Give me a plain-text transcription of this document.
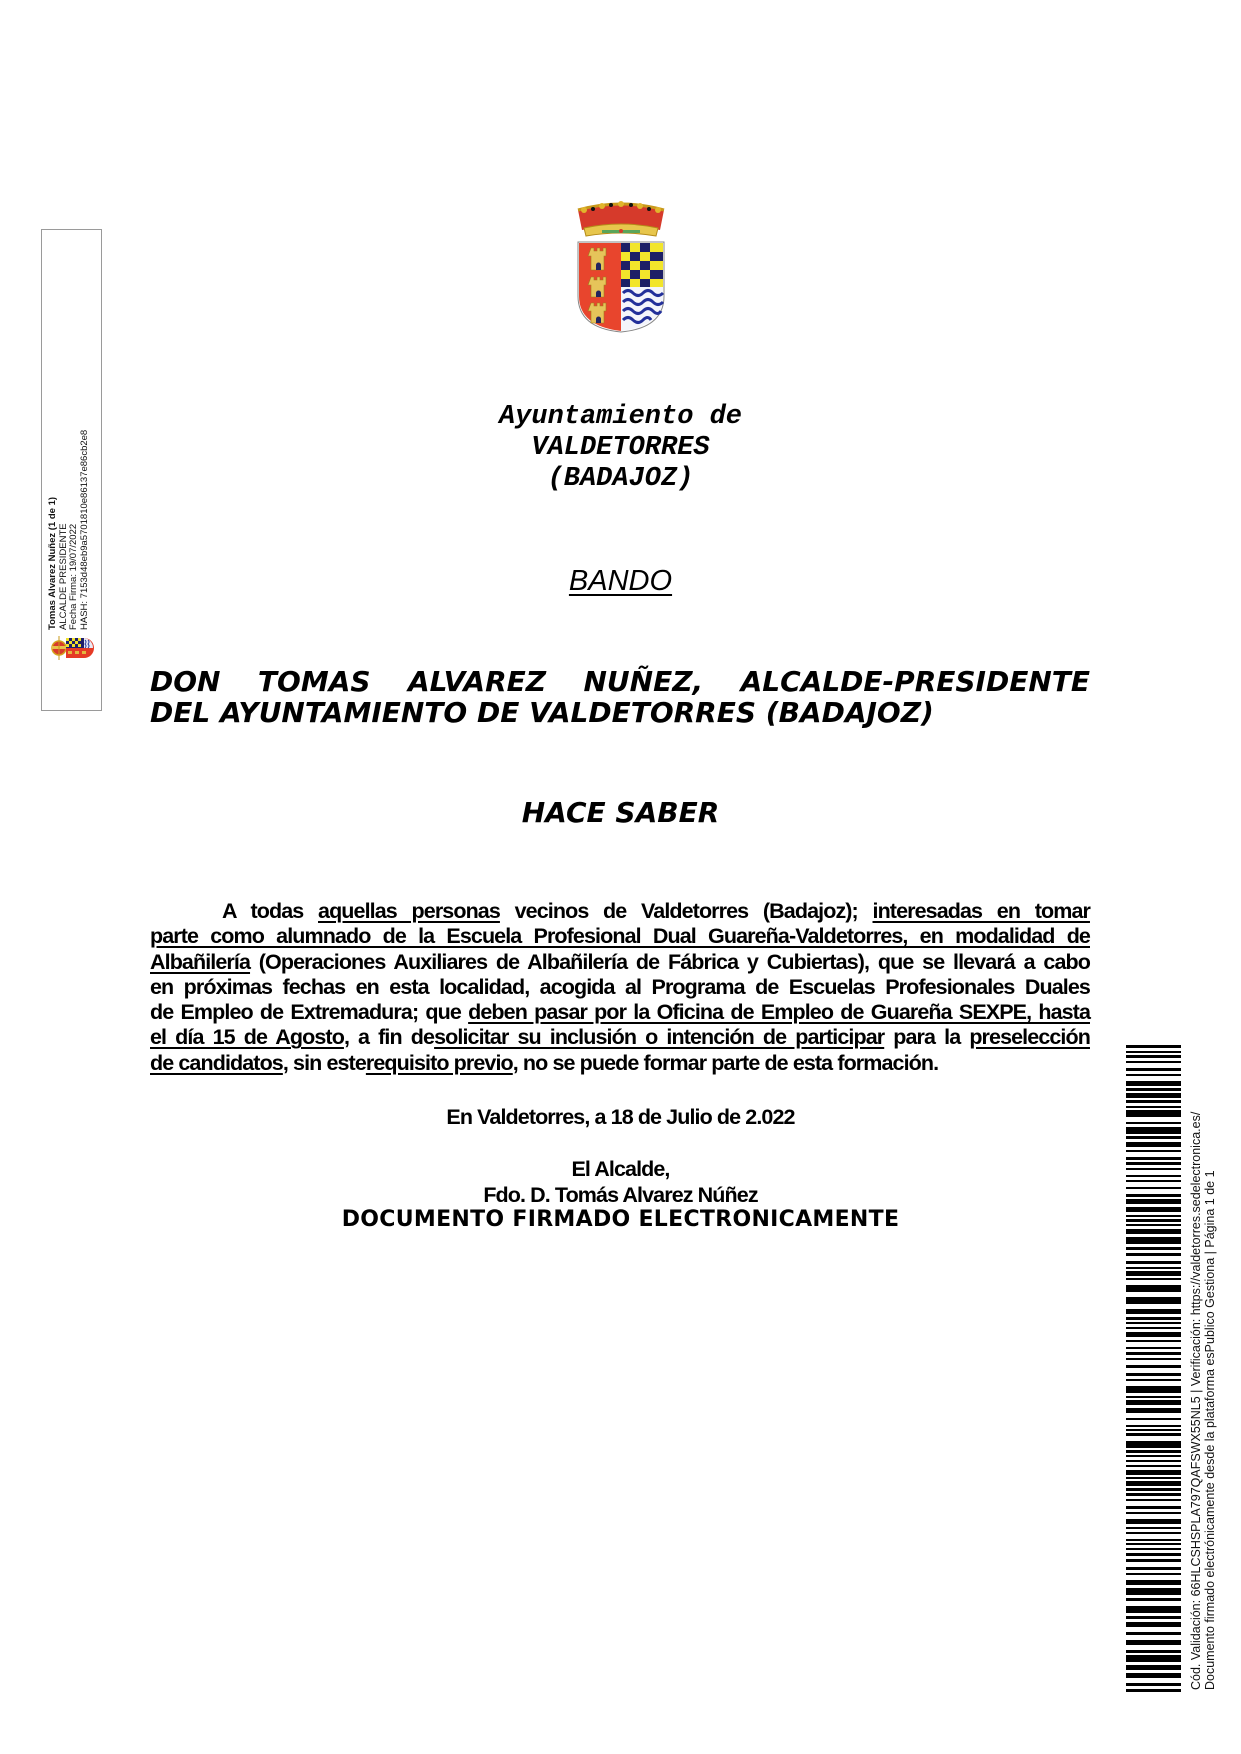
Tomas Alvarez Nuñez (1 de 1) ALCALDE PRESIDENTE Fecha Firma: 19/07/2022 HASH: 7153d48eb9a5701810e86137e86cb2e8
Ayuntamiento de
VALDETORRES
(BADAJOZ)
BANDO
DON TOMAS ALVAREZ NUÑEZ, ALCALDE-PRESIDENTE
DEL AYUNTAMIENTO DE VALDETORRES (BADAJOZ)
HACE SABER
A todas aquellas personas vecinos de Valdetorres (Badajoz); interesadas en tomar
parte como alumnado de la Escuela Profesional Dual Guareña-Valdetorres, en modalidad de
Albañilería (Operaciones Auxiliares de Albañilería de Fábrica y Cubiertas), que se llevará a cabo
en próximas fechas en esta localidad, acogida al Programa de Escuelas Profesionales Duales
de Empleo de Extremadura; que deben pasar por la Oficina de Empleo de Guareña SEXPE, hasta
el día 15 de Agosto, a fin desolicitar su inclusión o intención de participar para la preselección
de candidatos, sin esterequisito previo, no se puede formar parte de esta formación.
En Valdetorres, a 18 de Julio de 2.022
El Alcalde,
Fdo. D. Tomás Alvarez Núñez
DOCUMENTO FIRMADO ELECTRONICAMENTE	Cód. Validación: 66HLCSHSPLA797QAFSWX55NL5 | Verificación: https://valdetorres.sedelectronica.es/ Documento firmado electrónicamente desde la plataforma esPublico Gestiona | Página 1 de 1
